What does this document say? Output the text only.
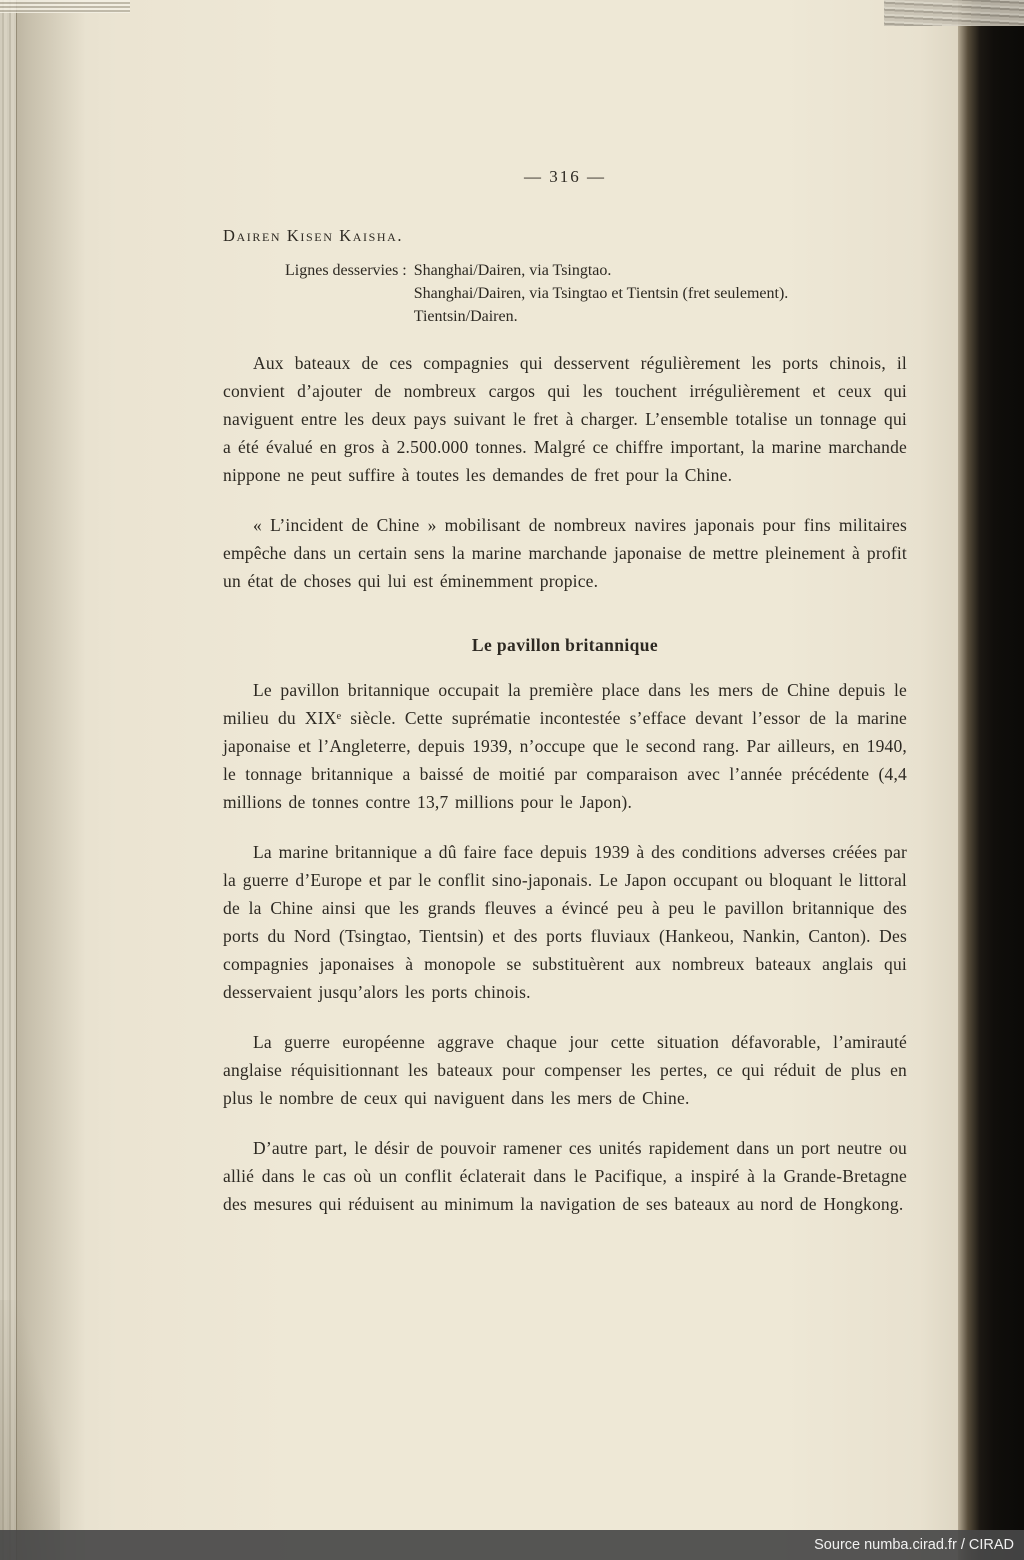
— 316 —
Dairen Kisen Kaisha.
Lignes desservies : Shanghai/Dairen, via Tsingtao.
Shanghai/Dairen, via Tsingtao et Tientsin (fret seulement).
Tientsin/Dairen.

Aux bateaux de ces compagnies qui desservent régulièrement les ports chinois, il convient d’ajouter de nombreux cargos qui les touchent irrégulièrement et ceux qui naviguent entre les deux pays suivant le fret à charger. L’ensemble totalise un tonnage qui a été évalué en gros à 2.500.000 tonnes. Malgré ce chiffre important, la marine marchande nippone ne peut suffire à toutes les demandes de fret pour la Chine.

« L’incident de Chine » mobilisant de nombreux navires japonais pour fins militaires empêche dans un certain sens la marine marchande japonaise de mettre pleinement à profit un état de choses qui lui est éminemment propice.

Le pavillon britannique

Le pavillon britannique occupait la première place dans les mers de Chine depuis le milieu du XIXᵉ siècle. Cette suprématie incontestée s’efface devant l’essor de la marine japonaise et l’Angleterre, depuis 1939, n’occupe que le second rang. Par ailleurs, en 1940, le tonnage britannique a baissé de moitié par comparaison avec l’année précédente (4,4 millions de tonnes contre 13,7 millions pour le Japon).

La marine britannique a dû faire face depuis 1939 à des conditions adverses créées par la guerre d’Europe et par le conflit sino-japonais. Le Japon occupant ou bloquant le littoral de la Chine ainsi que les grands fleuves a évincé peu à peu le pavillon britannique des ports du Nord (Tsingtao, Tientsin) et des ports fluviaux (Hankeou, Nankin, Canton). Des compagnies japonaises à monopole se substituèrent aux nombreux bateaux anglais qui desservaient jusqu’alors les ports chinois.

La guerre européenne aggrave chaque jour cette situation défavorable, l’amirauté anglaise réquisitionnant les bateaux pour compenser les pertes, ce qui réduit de plus en plus le nombre de ceux qui naviguent dans les mers de Chine.

D’autre part, le désir de pouvoir ramener ces unités rapidement dans un port neutre ou allié dans le cas où un conflit éclaterait dans le Pacifique, a inspiré à la Grande-Bretagne des mesures qui réduisent au minimum la navigation de ses bateaux au nord de Hongkong.

Source numba.cirad.fr / CIRAD
